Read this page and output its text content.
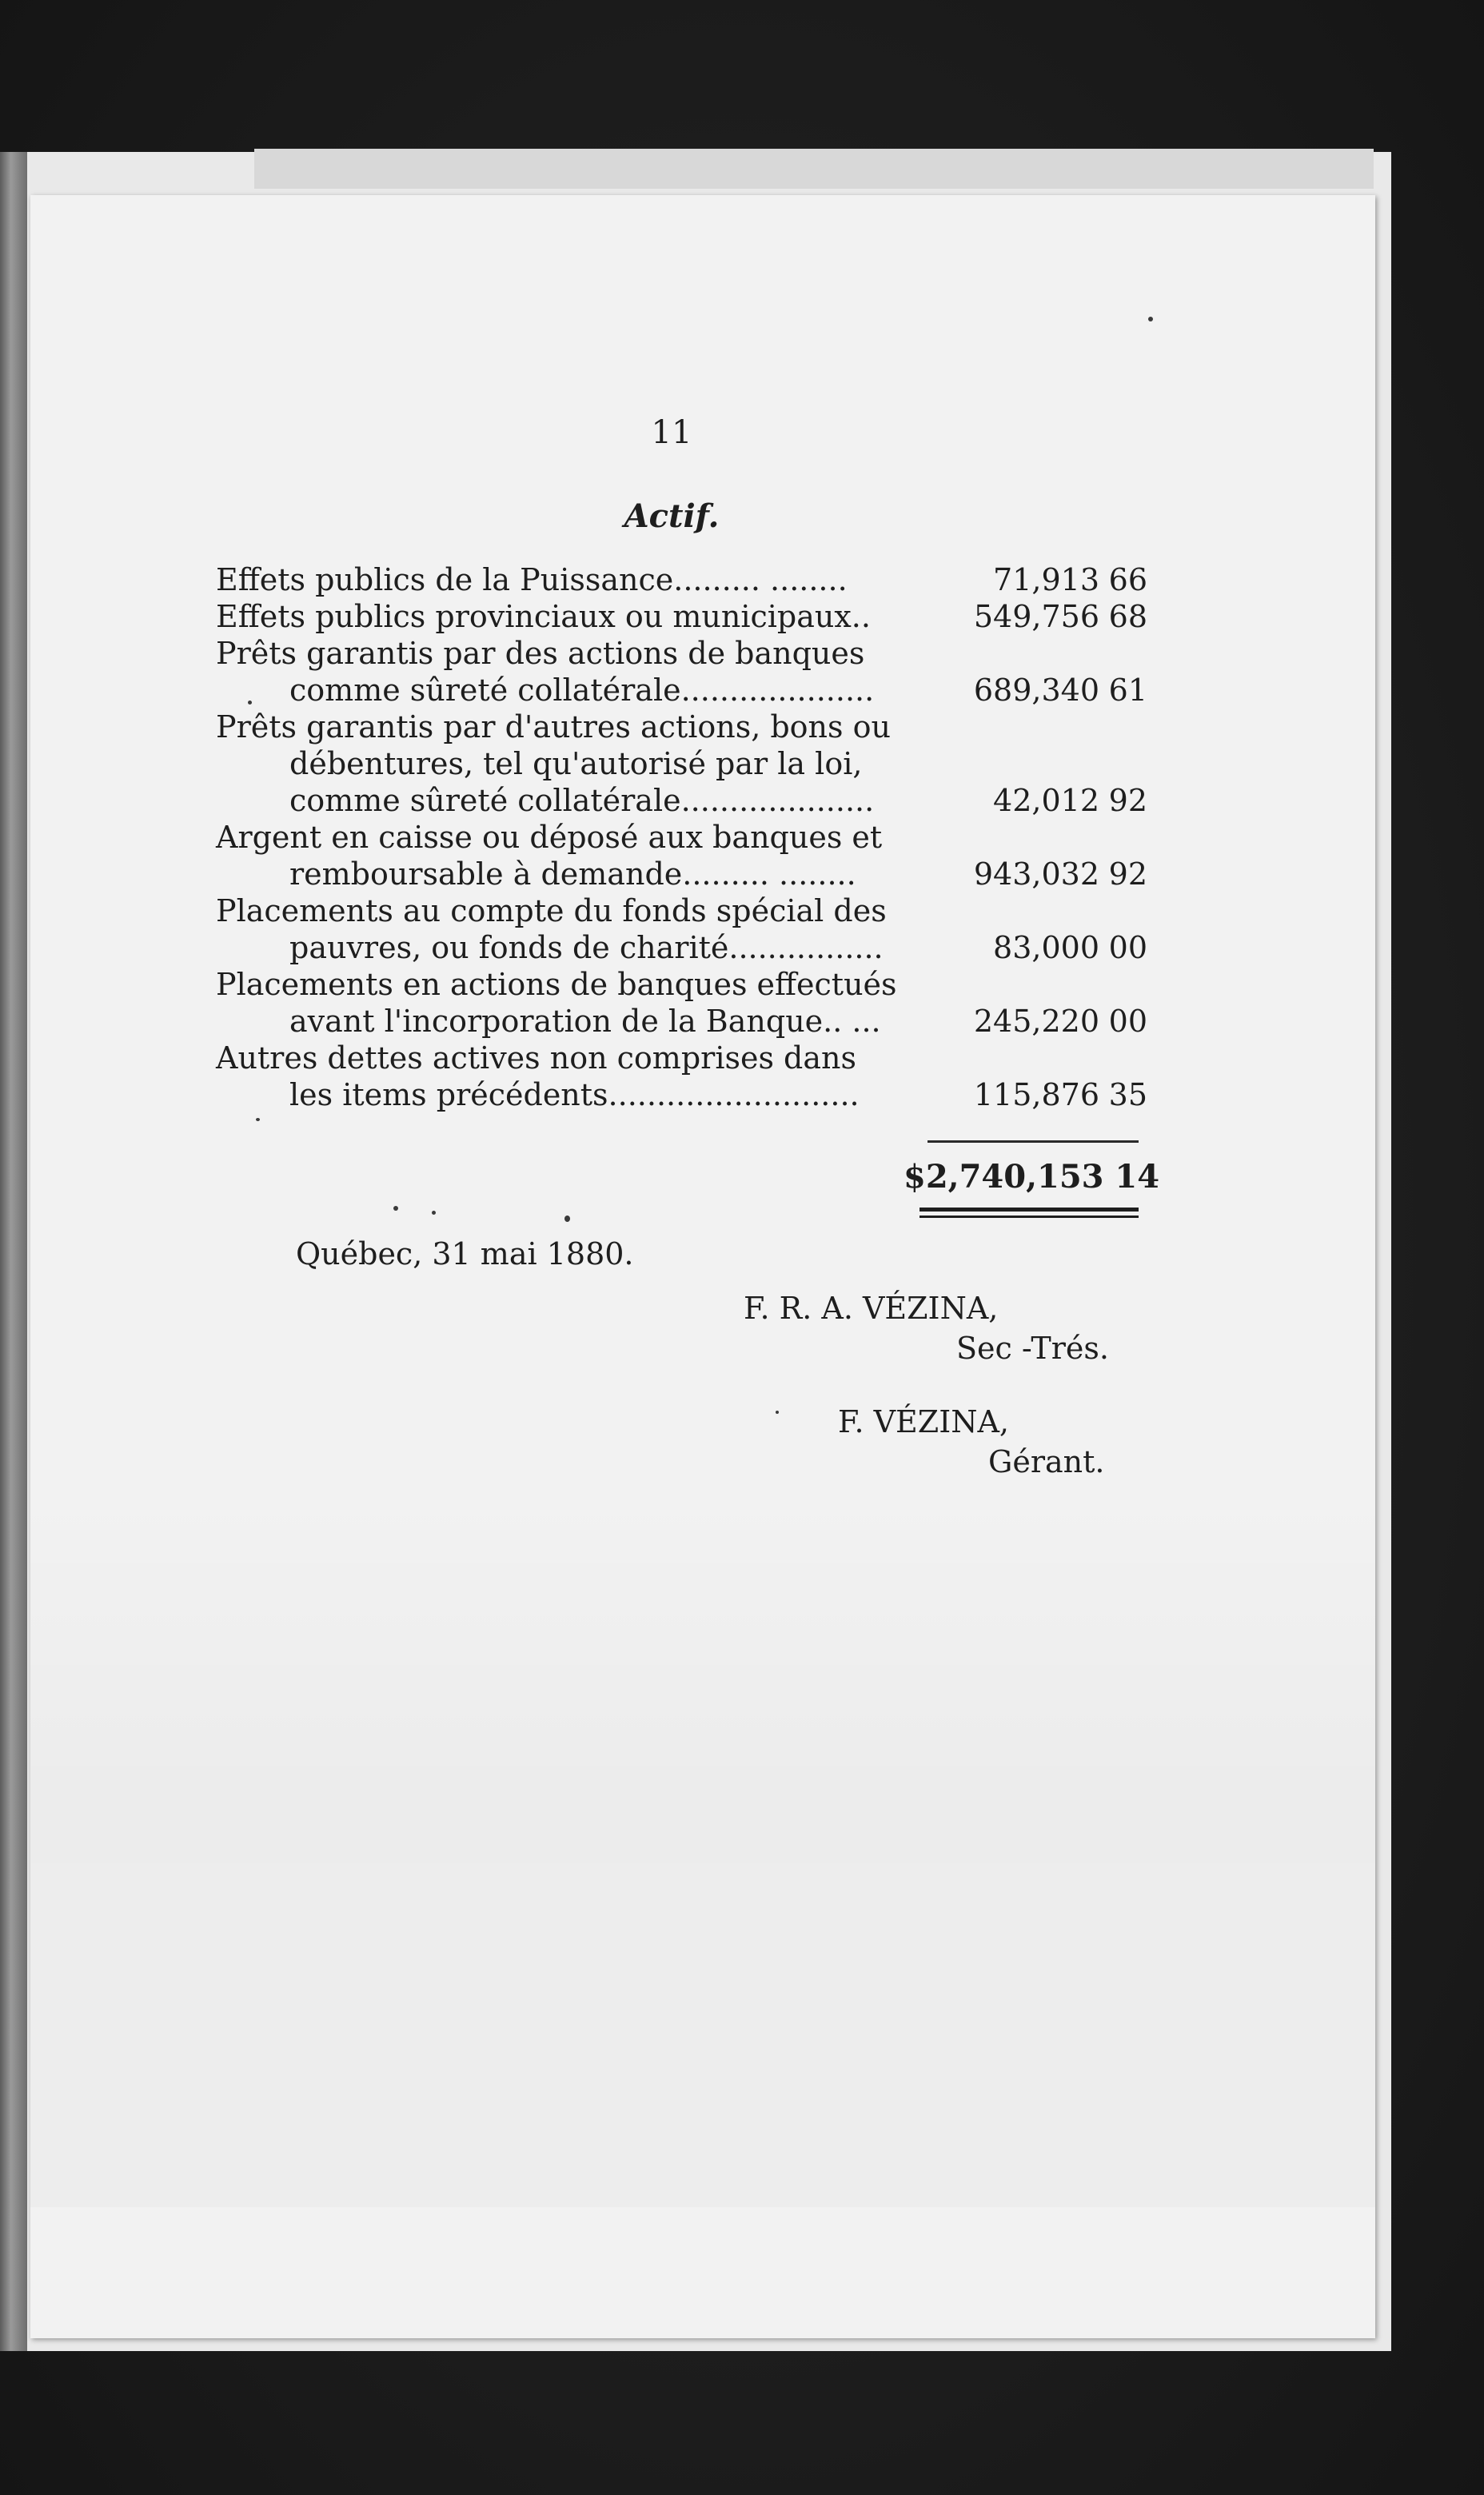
11
Actif.
Effets publics de la Puissance......... ........	71,913 66
Effets publics provinciaux ou municipaux..	549,756 68
Prêts garantis par des actions de banques
comme sûreté collatérale....................	689,340 61
Prêts garantis par d'autres actions, bons ou
débentures, tel qu'autorisé par la loi,
comme sûreté collatérale....................	42,012 92
Argent en caisse ou déposé aux banques et
remboursable à demande......... ........	943,032 92
Placements au compte du fonds spécial des
pauvres, ou fonds de charité................	83,000 00
Placements en actions de banques effectués
avant l'incorporation de la Banque.. ...	245,220 00
Autres dettes actives non comprises dans
les items précédents..........................	115,876 35
$2,740,153 14
Québec, 31 mai 1880.
F. R. A. VÉZINA,
Sec -Trés.
F. VÉZINA,
Gérant.
